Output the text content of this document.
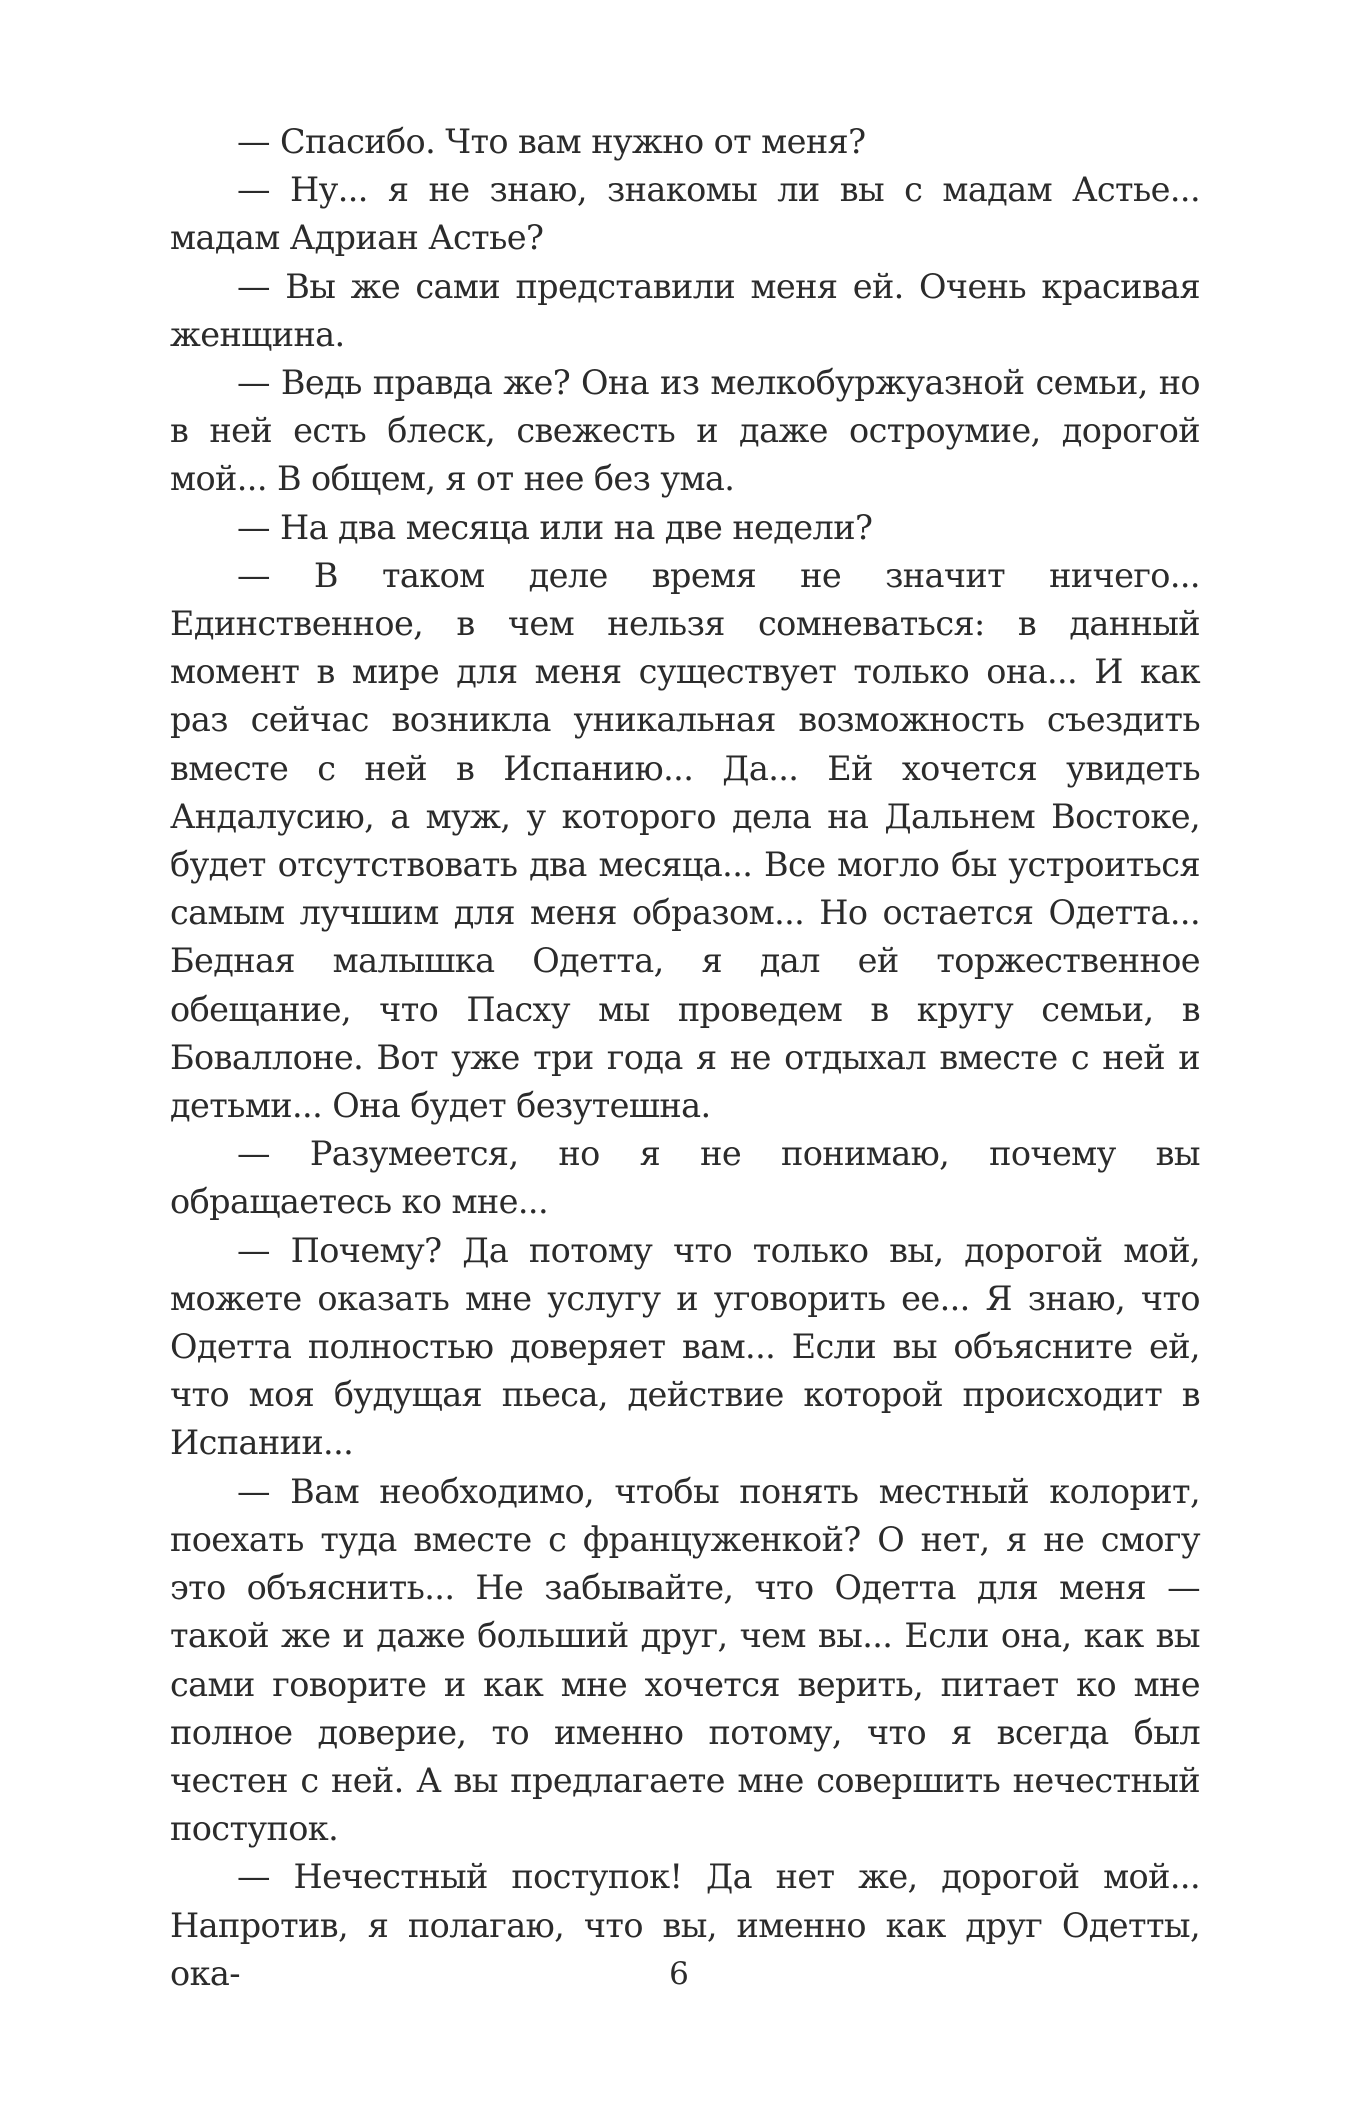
— Спасибо. Что вам нужно от меня?

— Ну... я не знаю, знакомы ли вы с мадам Астье... мадам Адриан Астье?

— Вы же сами представили меня ей. Очень красивая женщина.

— Ведь правда же? Она из мелкобуржуазной семьи, но в ней есть блеск, свежесть и даже остроумие, дорогой мой... В общем, я от нее без ума.

— На два месяца или на две недели?

— В таком деле время не значит ничего... Единственное, в чем нельзя сомневаться: в данный момент в мире для меня существует только она... И как раз сейчас возникла уникальная возможность съездить вместе с ней в Испанию... Да... Ей хочется увидеть Андалусию, а муж, у которого дела на Дальнем Востоке, будет отсутствовать два месяца... Все могло бы устроиться самым лучшим для меня образом... Но остается Одетта... Бедная малышка Одетта, я дал ей торжественное обещание, что Пасху мы проведем в кругу семьи, в Боваллоне. Вот уже три года я не отдыхал вместе с ней и детьми... Она будет безутешна.

— Разумеется, но я не понимаю, почему вы обращаетесь ко мне...

— Почему? Да потому что только вы, дорогой мой, можете оказать мне услугу и уговорить ее... Я знаю, что Одетта полностью доверяет вам... Если вы объясните ей, что моя будущая пьеса, действие которой происходит в Испании...

— Вам необходимо, чтобы понять местный колорит, поехать туда вместе с француженкой? О нет, я не смогу это объяснить... Не забывайте, что Одетта для меня — такой же и даже больший друг, чем вы... Если она, как вы сами говорите и как мне хочется верить, питает ко мне полное доверие, то именно потому, что я всегда был честен с ней. А вы предлагаете мне совершить нечестный поступок.

— Нечестный поступок! Да нет же, дорогой мой... Напротив, я полагаю, что вы, именно как друг Одетты, ока-	6
